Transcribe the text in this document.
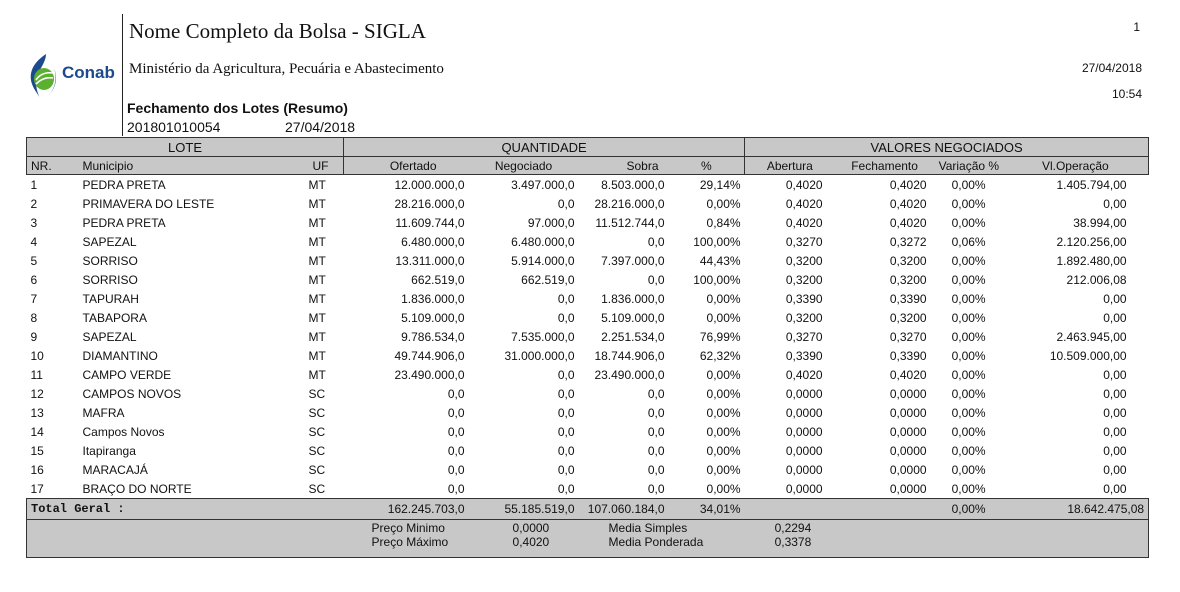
Conab
Nome Completo da Bolsa - SIGLA
Ministério da Agricultura, Pecuária e Abastecimento
Fechamento dos Lotes (Resumo)
201801010054	27/04/2018
1
27/04/2018
10:54
LOTE			QUANTIDADE				VALORES NEGOCIADOS			
NR.	Municipio	UF	Ofertado	Negociado	Sobra	%	Abertura	Fechamento	Variação %	Vl.Operação
1	PEDRA PRETA	MT	12.000.000,0	3.497.000,0	8.503.000,0	29,14%	0,4020	0,4020	0,00%	1.405.794,00
2	PRIMAVERA DO LESTE	MT	28.216.000,0	0,0	28.216.000,0	0,00%	0,4020	0,4020	0,00%	0,00
3	PEDRA PRETA	MT	11.609.744,0	97.000,0	11.512.744,0	0,84%	0,4020	0,4020	0,00%	38.994,00
4	SAPEZAL	MT	6.480.000,0	6.480.000,0	0,0	100,00%	0,3270	0,3272	0,06%	2.120.256,00
5	SORRISO	MT	13.311.000,0	5.914.000,0	7.397.000,0	44,43%	0,3200	0,3200	0,00%	1.892.480,00
6	SORRISO	MT	662.519,0	662.519,0	0,0	100,00%	0,3200	0,3200	0,00%	212.006,08
7	TAPURAH	MT	1.836.000,0	0,0	1.836.000,0	0,00%	0,3390	0,3390	0,00%	0,00
8	TABAPORA	MT	5.109.000,0	0,0	5.109.000,0	0,00%	0,3200	0,3200	0,00%	0,00
9	SAPEZAL	MT	9.786.534,0	7.535.000,0	2.251.534,0	76,99%	0,3270	0,3270	0,00%	2.463.945,00
10	DIAMANTINO	MT	49.744.906,0	31.000.000,0	18.744.906,0	62,32%	0,3390	0,3390	0,00%	10.509.000,00
11	CAMPO VERDE	MT	23.490.000,0	0,0	23.490.000,0	0,00%	0,4020	0,4020	0,00%	0,00
12	CAMPOS NOVOS	SC	0,0	0,0	0,0	0,00%	0,0000	0,0000	0,00%	0,00
13	MAFRA	SC	0,0	0,0	0,0	0,00%	0,0000	0,0000	0,00%	0,00
14	Campos Novos	SC	0,0	0,0	0,0	0,00%	0,0000	0,0000	0,00%	0,00
15	Itapiranga	SC	0,0	0,0	0,0	0,00%	0,0000	0,0000	0,00%	0,00
16	MARACAJÁ	SC	0,0	0,0	0,0	0,00%	0,0000	0,0000	0,00%	0,00
17	BRAÇO DO NORTE	SC	0,0	0,0	0,0	0,00%	0,0000	0,0000	0,00%	0,00
Total Geral :			162.245.703,0	55.185.519,0	107.060.184,0	34,01%			0,00%	18.642.475,08
			Preço Minimo	0,0000	Media Simples		0,2294			
			Preço Máximo	0,4020	Media Ponderada		0,3378			
